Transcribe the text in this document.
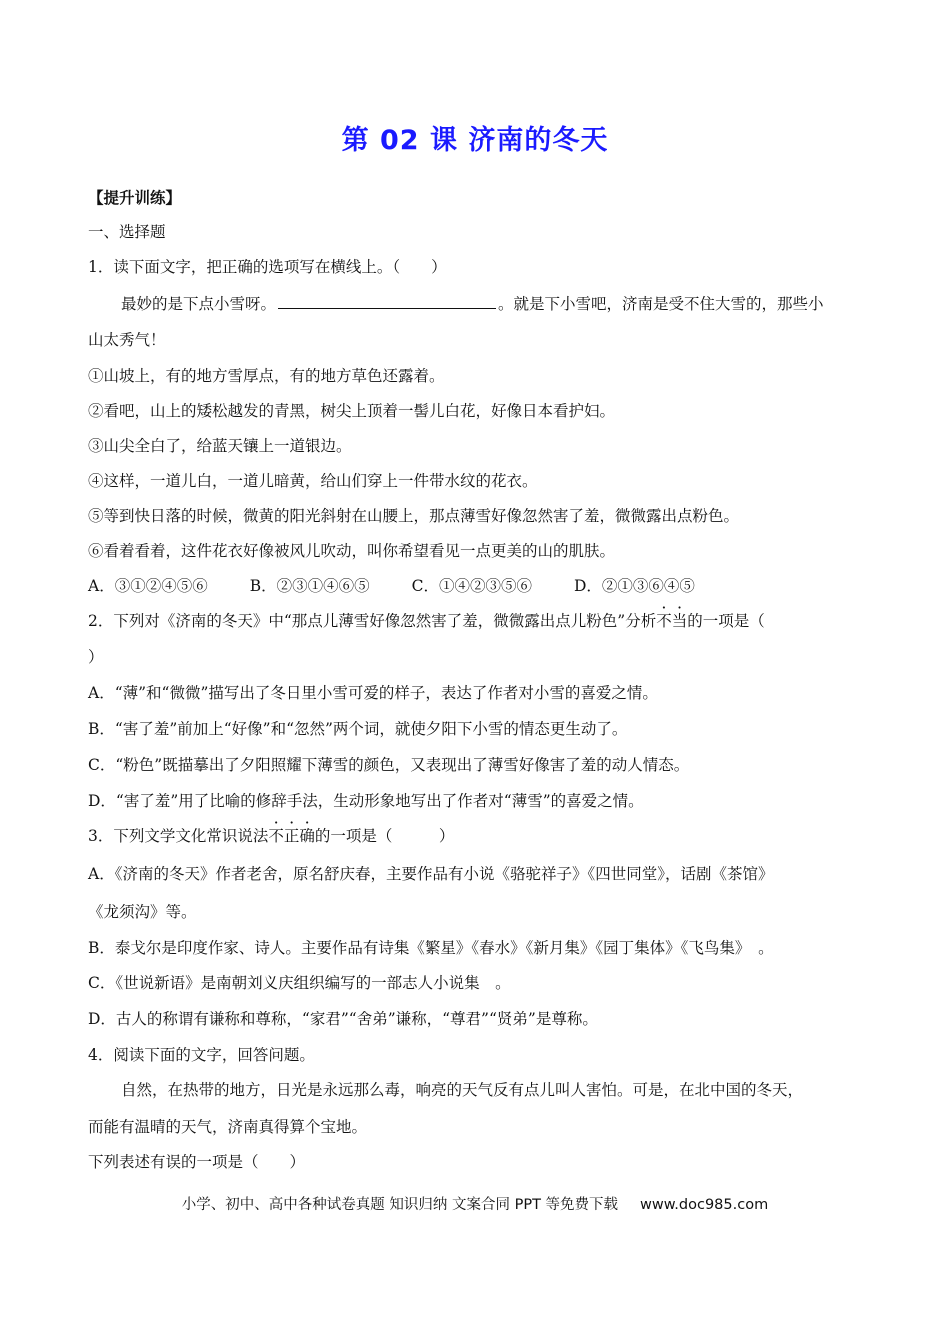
第 02 课 济南的冬天
【提升训练】
一、选择题
1．读下面文字，把正确的选项写在横线上。（　　）
最妙的是下点小雪呀。	。就是下小雪吧，济南是受不住大雪的，那些小
山太秀气！
①山坡上，有的地方雪厚点，有的地方草色还露着。
②看吧，山上的矮松越发的青黑，树尖上顶着一髻儿白花，好像日本看护妇。
③山尖全白了，给蓝天镶上一道银边。
④这样，一道儿白，一道儿暗黄，给山们穿上一件带水纹的花衣。
⑤等到快日落的时候，微黄的阳光斜射在山腰上，那点薄雪好像忽然害了羞，微微露出点粉色。
⑥看着看着，这件花衣好像被风儿吹动，叫你希望看见一点更美的山的肌肤。
A．③①②④⑤⑥	B．②③①④⑥⑤	C．①④②③⑤⑥	D．②①③⑥④⑤
2．下列对《济南的冬天》中“那点儿薄雪好像忽然害了羞，微微露出点儿粉色”分析不当的一项是（
）
A．“薄”和“微微”描写出了冬日里小雪可爱的样子，表达了作者对小雪的喜爱之情。
B．“害了羞”前加上“好像”和“忽然”两个词，就使夕阳下小雪的情态更生动了。
C．“粉色”既描摹出了夕阳照耀下薄雪的颜色，又表现出了薄雪好像害了羞的动人情态。
D．“害了羞”用了比喻的修辞手法，生动形象地写出了作者对“薄雪”的喜爱之情。
3．下列文学文化常识说法不正确的一项是（　　　）
A．《济南的冬天》作者老舍，原名舒庆春，主要作品有小说《骆驼祥子》《四世同堂》，话剧《茶馆》
《龙须沟》等。
B．泰戈尔是印度作家、诗人。主要作品有诗集《繁星》《春水》《新月集》《园丁集体》《飞鸟集》　。
C．《世说新语》是南朝刘义庆组织编写的一部志人小说集　。
D．古人的称谓有谦称和尊称，“家君”“舍弟”谦称，“尊君”“贤弟”是尊称。
4．阅读下面的文字，回答问题。
自然，在热带的地方，日光是永远那么毒，响亮的天气反有点儿叫人害怕。可是，在北中国的冬天，
而能有温晴的天气，济南真得算个宝地。
下列表述有误的一项是（　　）
小学、初中、高中各种试卷真题 知识归纳 文案合同 PPT 等免费下载 www.doc985.com
